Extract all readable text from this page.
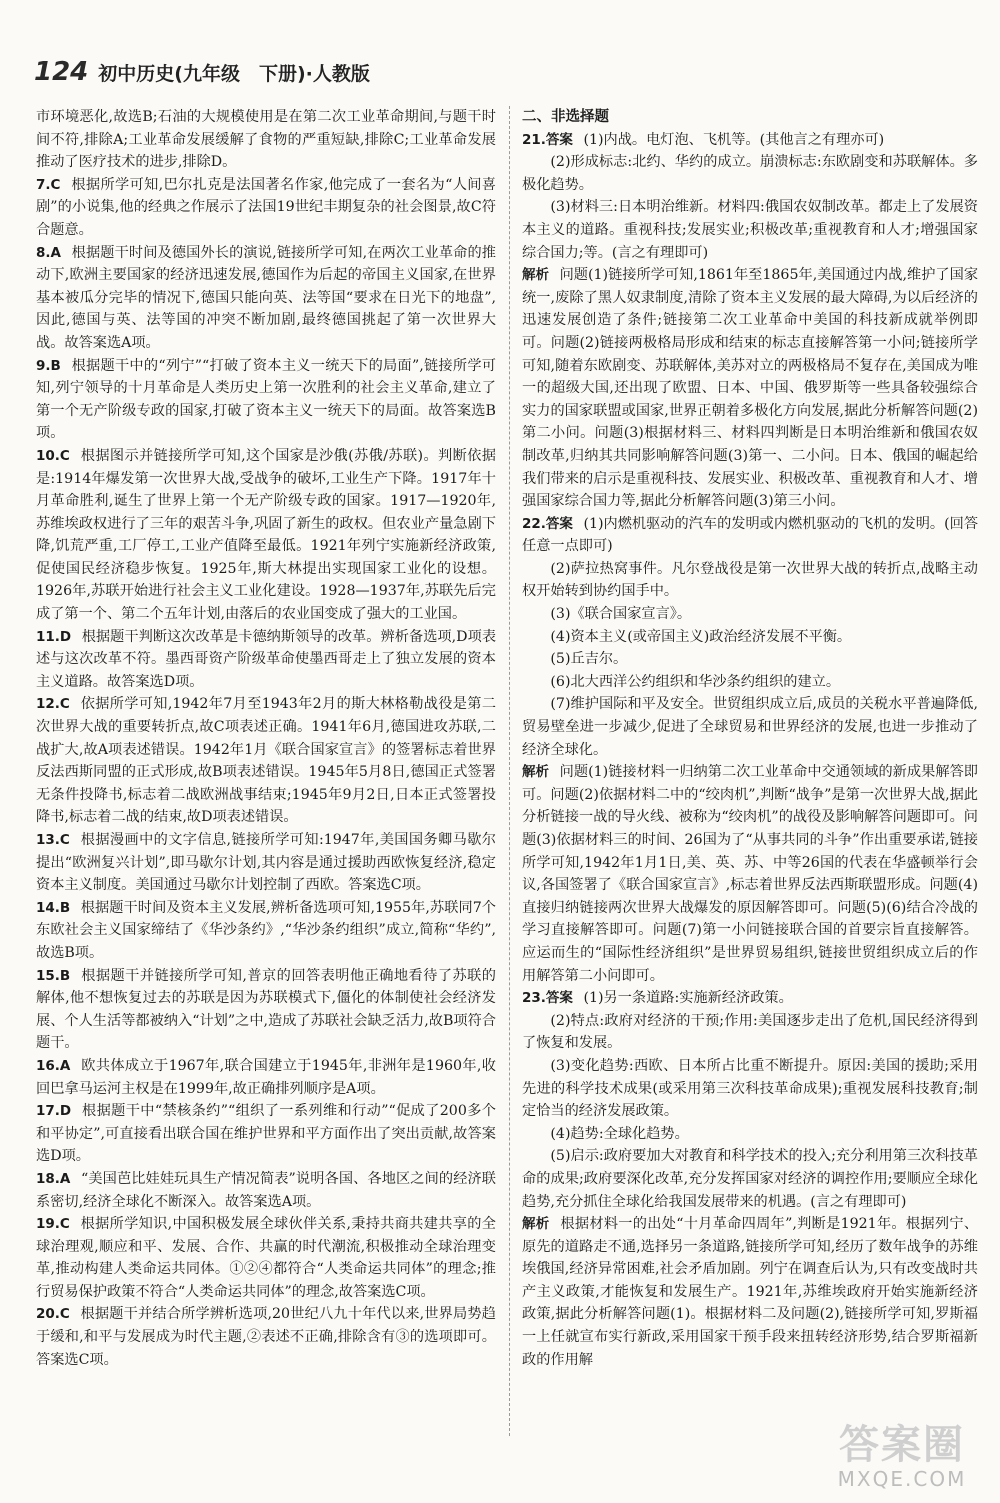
124 初中历史(九年级　下册)·人教版

市环境恶化,故选B;石油的大规模使用是在第二次工业革命期间,与题干时间不符,排除A;工业革命发展缓解了食物的严重短缺,排除C;工业革命发展推动了医疗技术的进步,排除D。

7.C 根据所学可知,巴尔扎克是法国著名作家,他完成了一套名为“人间喜剧”的小说集,他的经典之作展示了法国19世纪丰期复杂的社会图景,故C符合题意。

8.A 根据题干时间及德国外长的演说,链接所学可知,在两次工业革命的推动下,欧洲主要国家的经济迅速发展,德国作为后起的帝国主义国家,在世界基本被瓜分完毕的情况下,德国只能向英、法等国“要求在日光下的地盘”,因此,德国与英、法等国的冲突不断加剧,最终德国挑起了第一次世界大战。故答案选A项。

9.B 根据题干中的“列宁”“打破了资本主义一统天下的局面”,链接所学可知,列宁领导的十月革命是人类历史上第一次胜利的社会主义革命,建立了第一个无产阶级专政的国家,打破了资本主义一统天下的局面。故答案选B项。

10.C 根据图示并链接所学可知,这个国家是沙俄(苏俄/苏联)。判断依据是:1914年爆发第一次世界大战,受战争的破坏,工业生产下降。1917年十月革命胜利,诞生了世界上第一个无产阶级专政的国家。1917—1920年,苏维埃政权进行了三年的艰苦斗争,巩固了新生的政权。但农业产量急剧下降,饥荒严重,工厂停工,工业产值降至最低。1921年列宁实施新经济政策,促使国民经济稳步恢复。1925年,斯大林提出实现国家工业化的设想。1926年,苏联开始进行社会主义工业化建设。1928—1937年,苏联先后完成了第一个、第二个五年计划,由落后的农业国变成了强大的工业国。

11.D 根据题干判断这次改革是卡德纳斯领导的改革。辨析备选项,D项表述与这次改革不符。墨西哥资产阶级革命使墨西哥走上了独立发展的资本主义道路。故答案选D项。

12.C 依据所学可知,1942年7月至1943年2月的斯大林格勒战役是第二次世界大战的重要转折点,故C项表述正确。1941年6月,德国进攻苏联,二战扩大,故A项表述错误。1942年1月《联合国家宣言》的签署标志着世界反法西斯同盟的正式形成,故B项表述错误。1945年5月8日,德国正式签署无条件投降书,标志着二战欧洲战事结束;1945年9月2日,日本正式签署投降书,标志着二战的结束,故D项表述错误。

13.C 根据漫画中的文字信息,链接所学可知:1947年,美国国务卿马歇尔提出“欧洲复兴计划”,即马歇尔计划,其内容是通过援助西欧恢复经济,稳定资本主义制度。美国通过马歇尔计划控制了西欧。答案选C项。

14.B 根据题干时间及资本主义发展,辨析备选项可知,1955年,苏联同7个东欧社会主义国家缔结了《华沙条约》,“华沙条约组织”成立,简称“华约”,故选B项。

15.B 根据题干并链接所学可知,普京的回答表明他正确地看待了苏联的解体,他不想恢复过去的苏联是因为苏联模式下,僵化的体制使社会经济发展、个人生活等都被纳入“计划”之中,造成了苏联社会缺乏活力,故B项符合题干。

16.A 欧共体成立于1967年,联合国建立于1945年,非洲年是1960年,收回巴拿马运河主权是在1999年,故正确排列顺序是A项。

17.D 根据题干中“禁核条约”“组织了一系列维和行动”“促成了200多个和平协定”,可直接看出联合国在维护世界和平方面作出了突出贡献,故答案选D项。

18.A “美国芭比娃娃玩具生产情况简表”说明各国、各地区之间的经济联系密切,经济全球化不断深入。故答案选A项。

19.C 根据所学知识,中国积极发展全球伙伴关系,秉持共商共建共享的全球治理观,顺应和平、发展、合作、共赢的时代潮流,积极推动全球治理变革,推动构建人类命运共同体。①②④都符合“人类命运共同体”的理念;推行贸易保护政策不符合“人类命运共同体”的理念,故答案选C项。

20.C 根据题干并结合所学辨析选项,20世纪八九十年代以来,世界局势趋于缓和,和平与发展成为时代主题,②表述不正确,排除含有③的选项即可。答案选C项。

二、非选择题

21.答案 (1)内战。电灯泡、飞机等。(其他言之有理亦可)

(2)形成标志:北约、华约的成立。崩溃标志:东欧剧变和苏联解体。多极化趋势。

(3)材料三:日本明治维新。材料四:俄国农奴制改革。都走上了发展资本主义的道路。重视科技;发展实业;积极改革;重视教育和人才;增强国家综合国力;等。(言之有理即可)

解析 问题(1)链接所学可知,1861年至1865年,美国通过内战,维护了国家统一,废除了黑人奴隶制度,清除了资本主义发展的最大障碍,为以后经济的迅速发展创造了条件;链接第二次工业革命中美国的科技新成就举例即可。问题(2)链接两极格局形成和结束的标志直接解答第一小问;链接所学可知,随着东欧剧变、苏联解体,美苏对立的两极格局不复存在,美国成为唯一的超级大国,还出现了欧盟、日本、中国、俄罗斯等一些具备较强综合实力的国家联盟或国家,世界正朝着多极化方向发展,据此分析解答问题(2)第二小问。问题(3)根据材料三、材料四判断是日本明治维新和俄国农奴制改革,归纳其共同影响解答问题(3)第一、二小问。日本、俄国的崛起给我们带来的启示是重视科技、发展实业、积极改革、重视教育和人才、增强国家综合国力等,据此分析解答问题(3)第三小问。

22.答案 (1)内燃机驱动的汽车的发明或内燃机驱动的飞机的发明。(回答任意一点即可)

(2)萨拉热窝事件。凡尔登战役是第一次世界大战的转折点,战略主动权开始转到协约国手中。

(3)《联合国家宣言》。

(4)资本主义(或帝国主义)政治经济发展不平衡。

(5)丘吉尔。

(6)北大西洋公约组织和华沙条约组织的建立。

(7)维护国际和平及安全。世贸组织成立后,成员的关税水平普遍降低,贸易壁垒进一步减少,促进了全球贸易和世界经济的发展,也进一步推动了经济全球化。

解析 问题(1)链接材料一归纳第二次工业革命中交通领域的新成果解答即可。问题(2)依据材料二中的“绞肉机”,判断“战争”是第一次世界大战,据此分析链接一战的导火线、被称为“绞肉机”的战役及影响解答问题即可。问题(3)依据材料三的时间、26国为了“从事共同的斗争”作出重要承诺,链接所学可知,1942年1月1日,美、英、苏、中等26国的代表在华盛顿举行会议,各国签署了《联合国家宣言》,标志着世界反法西斯联盟形成。问题(4)直接归纳链接两次世界大战爆发的原因解答即可。问题(5)(6)结合冷战的学习直接解答即可。问题(7)第一小问链接联合国的首要宗旨直接解答。应运而生的“国际性经济组织”是世界贸易组织,链接世贸组织成立后的作用解答第二小问即可。

23.答案 (1)另一条道路:实施新经济政策。

(2)特点:政府对经济的干预;作用:美国逐步走出了危机,国民经济得到了恢复和发展。

(3)变化趋势:西欧、日本所占比重不断提升。原因:美国的援助;采用先进的科学技术成果(或采用第三次科技革命成果);重视发展科技教育;制定恰当的经济发展政策。

(4)趋势:全球化趋势。

(5)启示:政府要加大对教育和科学技术的投入;充分利用第三次科技革命的成果;政府要深化改革,充分发挥国家对经济的调控作用;要顺应全球化趋势,充分抓住全球化给我国发展带来的机遇。(言之有理即可)

解析 根据材料一的出处“十月革命四周年”,判断是1921年。根据列宁、原先的道路走不通,选择另一条道路,链接所学可知,经历了数年战争的苏维埃俄国,经济异常困难,社会矛盾加剧。列宁在调查后认为,只有改变战时共产主义政策,才能恢复和发展生产。1921年,苏维埃政府开始实施新经济政策,据此分析解答问题(1)。根据材料二及问题(2),链接所学可知,罗斯福一上任就宣布实行新政,采用国家干预手段来扭转经济形势,结合罗斯福新政的作用解

答案圈
MXQE.COM
